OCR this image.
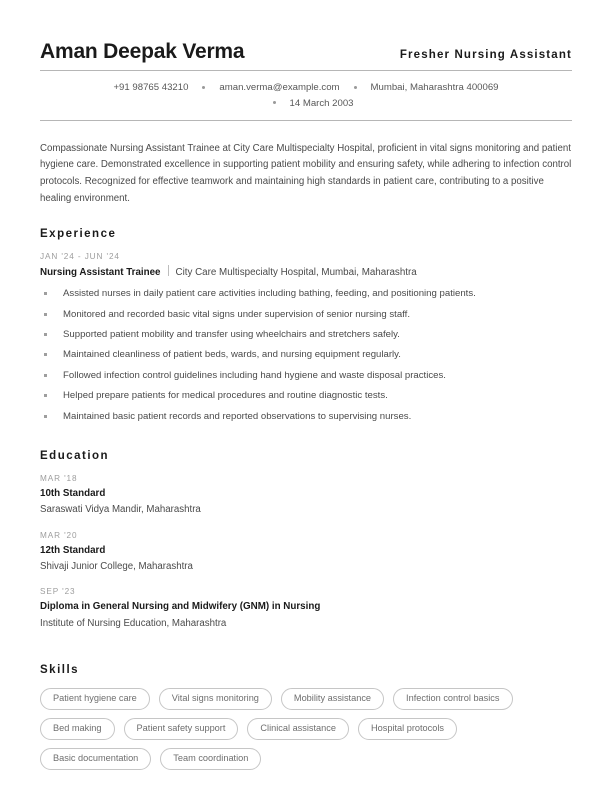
Aman Deepak Verma	Fresher Nursing Assistant
+91 98765 43210	aman.verma@example.com	Mumbai, Maharashtra 400069
14 March 2003
Compassionate Nursing Assistant Trainee at City Care Multispecialty Hospital, proficient in vital signs monitoring and patient hygiene care. Demonstrated excellence in supporting patient mobility and ensuring safety, while adhering to infection control protocols. Recognized for effective teamwork and maintaining high standards in patient care, contributing to a positive healing environment.
Experience
JAN '24 - JUN '24
Nursing Assistant Trainee City Care Multispecialty Hospital, Mumbai, Maharashtra
Assisted nurses in daily patient care activities including bathing, feeding, and positioning patients.
Monitored and recorded basic vital signs under supervision of senior nursing staff.
Supported patient mobility and transfer using wheelchairs and stretchers safely.
Maintained cleanliness of patient beds, wards, and nursing equipment regularly.
Followed infection control guidelines including hand hygiene and waste disposal practices.
Helped prepare patients for medical procedures and routine diagnostic tests.
Maintained basic patient records and reported observations to supervising nurses.
Education
MAR '18
10th Standard
Saraswati Vidya Mandir, Maharashtra
MAR '20
12th Standard
Shivaji Junior College, Maharashtra
SEP '23
Diploma in General Nursing and Midwifery (GNM) in Nursing
Institute of Nursing Education, Maharashtra
Skills
Patient hygiene care	Vital signs monitoring	Mobility assistance	Infection control basics
Bed making	Patient safety support	Clinical assistance	Hospital protocols
Basic documentation	Team coordination
